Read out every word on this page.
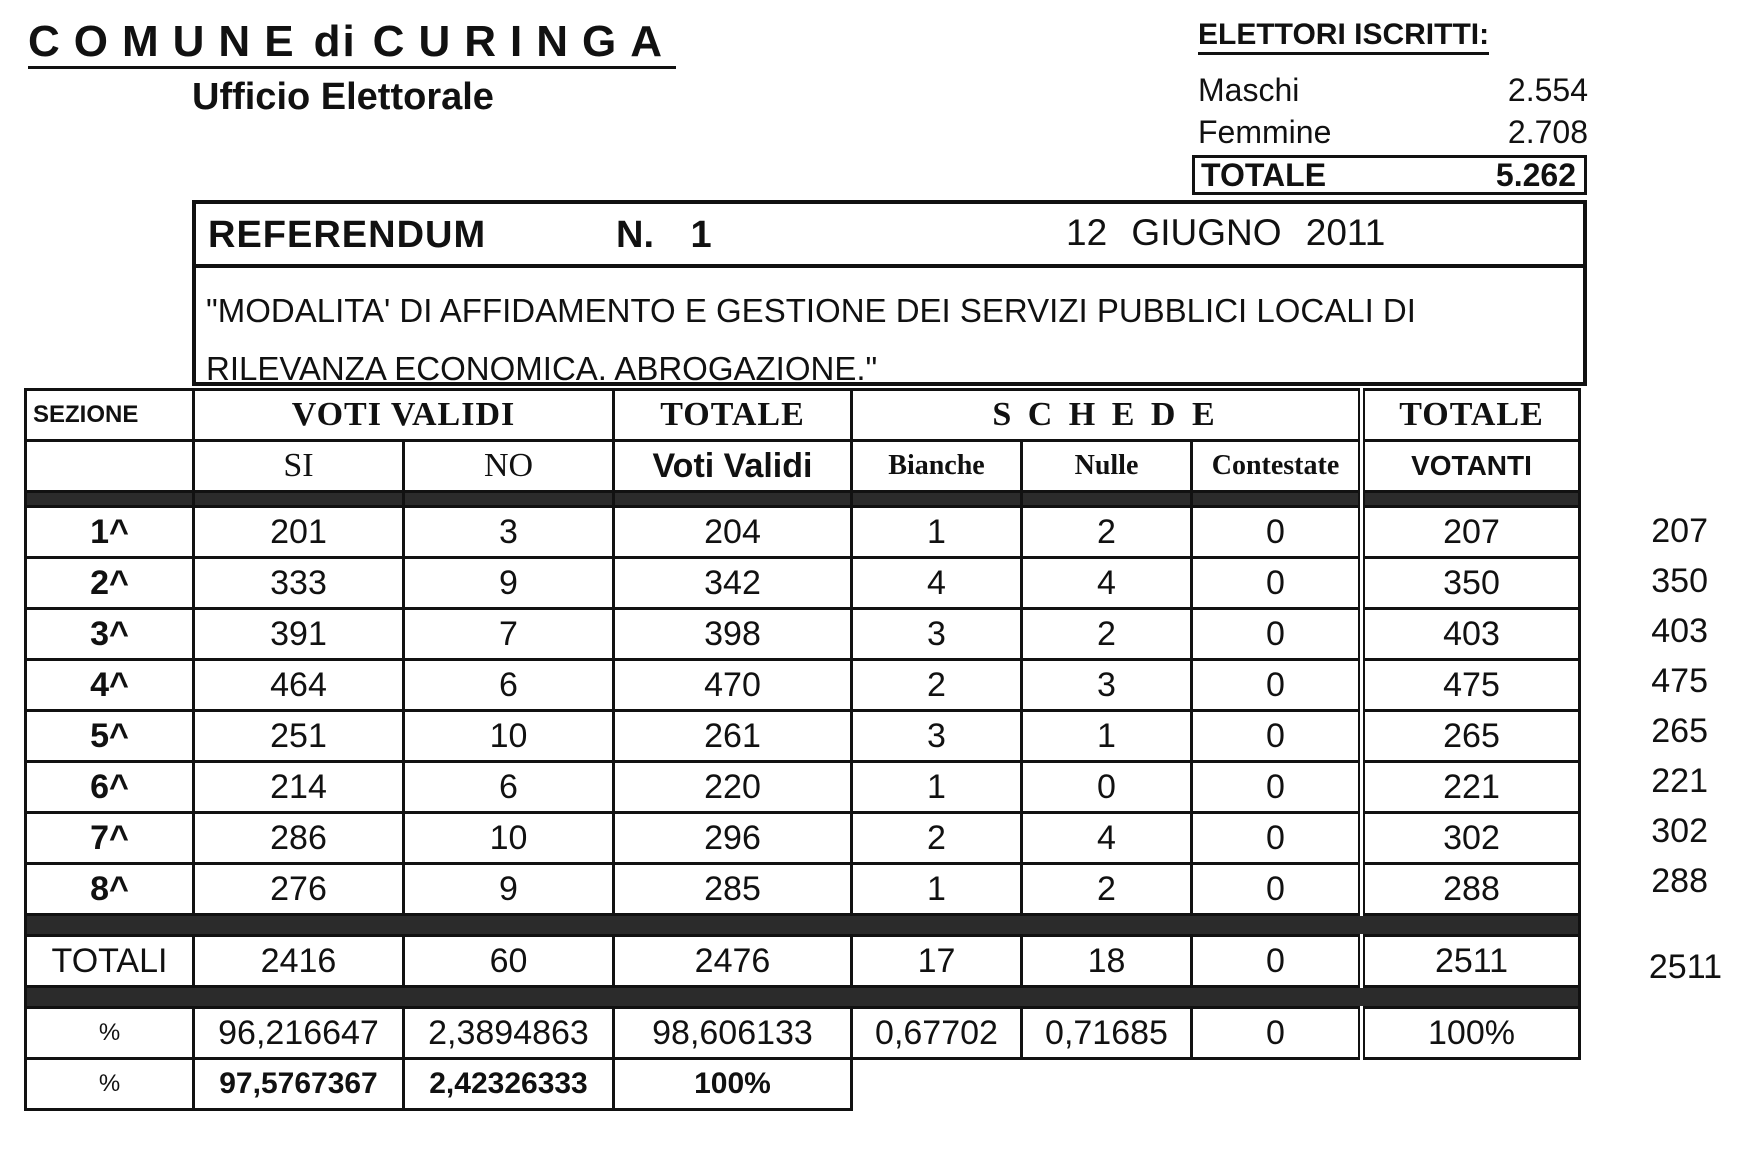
COMUNE di CURINGA
Ufficio Elettorale
ELETTORI ISCRITTI:
Maschi	2.554
Femmine	2.708
TOTALE	5.262
REFERENDUM	N. 1	12 GIUGNO 2011
"MODALITA' DI AFFIDAMENTO E GESTIONE DEI SERVIZI PUBBLICI LOCALI DI
RILEVANZA ECONOMICA. ABROGAZIONE."
SEZIONE	VOTI VALIDI		TOTALE	S C H E D E			TOTALE
	SI	NO	Voti Validi	Bianche	Nulle	Contestate	VOTANTI

1^	201	3	204	1	2	0	207
2^	333	9	342	4	4	0	350
3^	391	7	398	3	2	0	403
4^	464	6	470	2	3	0	475
5^	251	10	261	3	1	0	265
6^	214	6	220	1	0	0	221
7^	286	10	296	2	4	0	302
8^	276	9	285	1	2	0	288

TOTALI	2416	60	2476	17	18	0	2511

%	96,216647	2,3894863	98,606133	0,67702	0,71685	0	100%
%	97,5767367	2,42326333	100%				
207
350
403
475
265
221
302
288
2511
